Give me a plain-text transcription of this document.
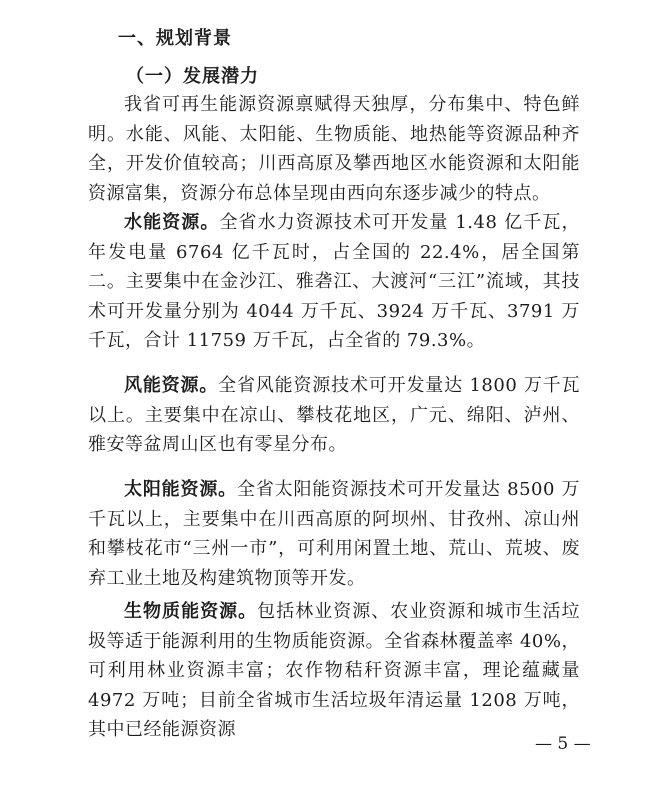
一、规划背景
（一）发展潜力

我省可再生能源资源禀赋得天独厚，分布集中、特色鲜明。水能、风能、太阳能、生物质能、地热能等资源品种齐全，开发价值较高；川西高原及攀西地区水能资源和太阳能资源富集，资源分布总体呈现由西向东逐步减少的特点。

水能资源。全省水力资源技术可开发量 1.48 亿千瓦，年发电量 6764 亿千瓦时，占全国的 22.4%，居全国第二。主要集中在金沙江、雅砻江、大渡河“三江”流域，其技术可开发量分别为 4044 万千瓦、3924 万千瓦、3791 万千瓦，合计 11759 万千瓦，占全省的 79.3%。

风能资源。全省风能资源技术可开发量达 1800 万千瓦以上。主要集中在凉山、攀枝花地区，广元、绵阳、泸州、雅安等盆周山区也有零星分布。

太阳能资源。全省太阳能资源技术可开发量达 8500 万千瓦以上，主要集中在川西高原的阿坝州、甘孜州、凉山州和攀枝花市“三州一市”，可利用闲置土地、荒山、荒坡、废弃工业土地及构建筑物顶等开发。

生物质能资源。包括林业资源、农业资源和城市生活垃圾等适于能源利用的生物质能资源。全省森林覆盖率 40%，可利用林业资源丰富；农作物秸秆资源丰富，理论蕴藏量 4972 万吨；目前全省城市生活垃圾年清运量 1208 万吨，其中已经能源资源

— 5 —
